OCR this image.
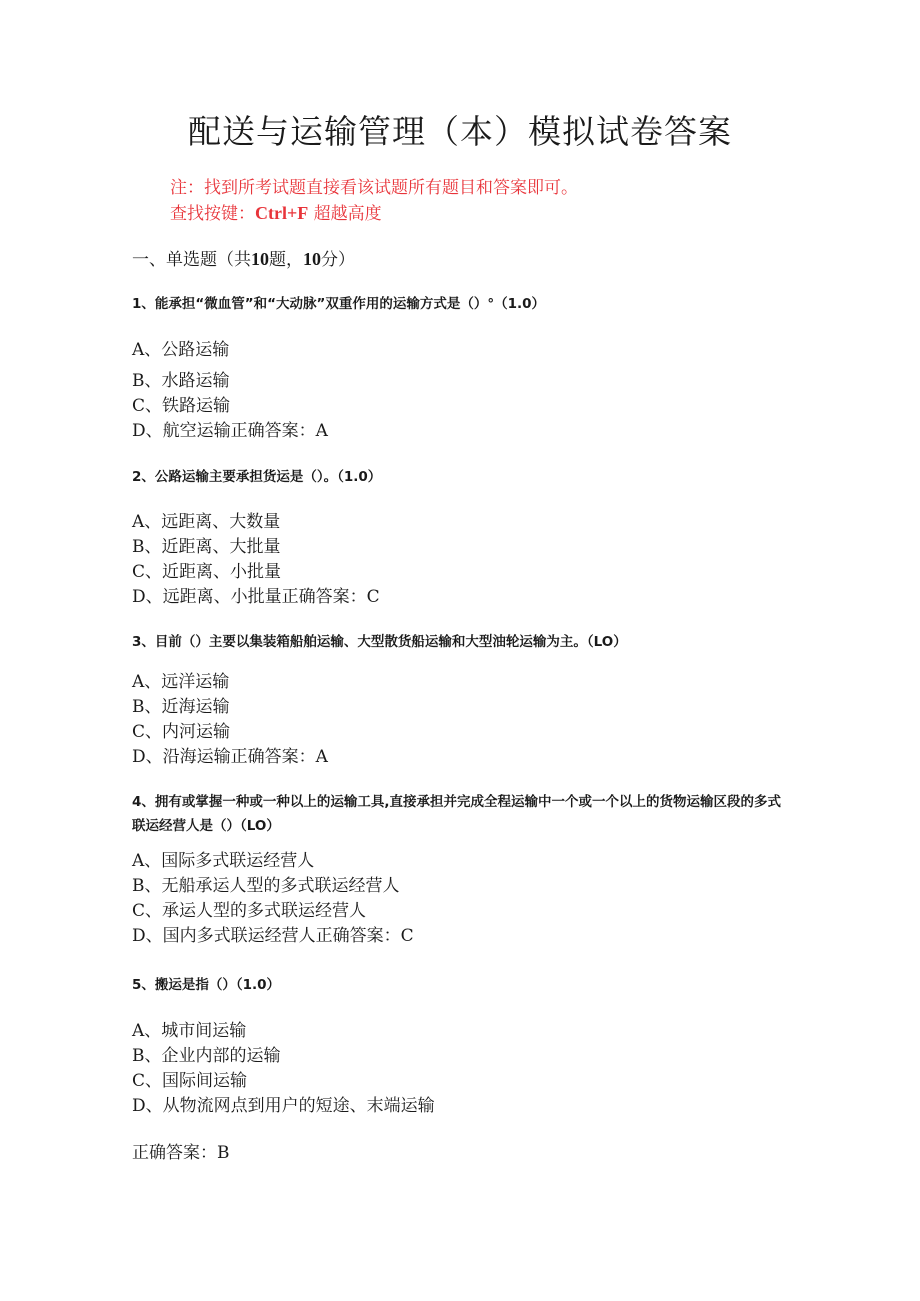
配送与运输管理（本）模拟试卷答案
注：找到所考试题直接看该试题所有题目和答案即可。
查找按键：Ctrl+F 超越高度
一、单选题（共10题，10分）
1、能承担“微血管”和“大动脉”双重作用的运输方式是（）°（1.0）
A、公路运输
B、水路运输
C、铁路运输
D、航空运输正确答案：A
2、公路运输主要承担货运是（）。（1.0）
A、远距离、大数量
B、近距离、大批量
C、近距离、小批量
D、远距离、小批量正确答案：C
3、目前（）主要以集装箱船舶运输、大型散货船运输和大型油轮运输为主。（LO）
A、远洋运输
B、近海运输
C、内河运输
D、沿海运输正确答案：A
4、拥有或掌握一种或一种以上的运输工具,直接承担并完成全程运输中一个或一个以上的货物运输区段的多式联运经营人是（）（LO）
A、国际多式联运经营人
B、无船承运人型的多式联运经营人
C、承运人型的多式联运经营人
D、国内多式联运经营人正确答案：C
5、搬运是指（）（1.0）
A、城市间运输
B、企业内部的运输
C、国际间运输
D、从物流网点到用户的短途、末端运输
正确答案：B
